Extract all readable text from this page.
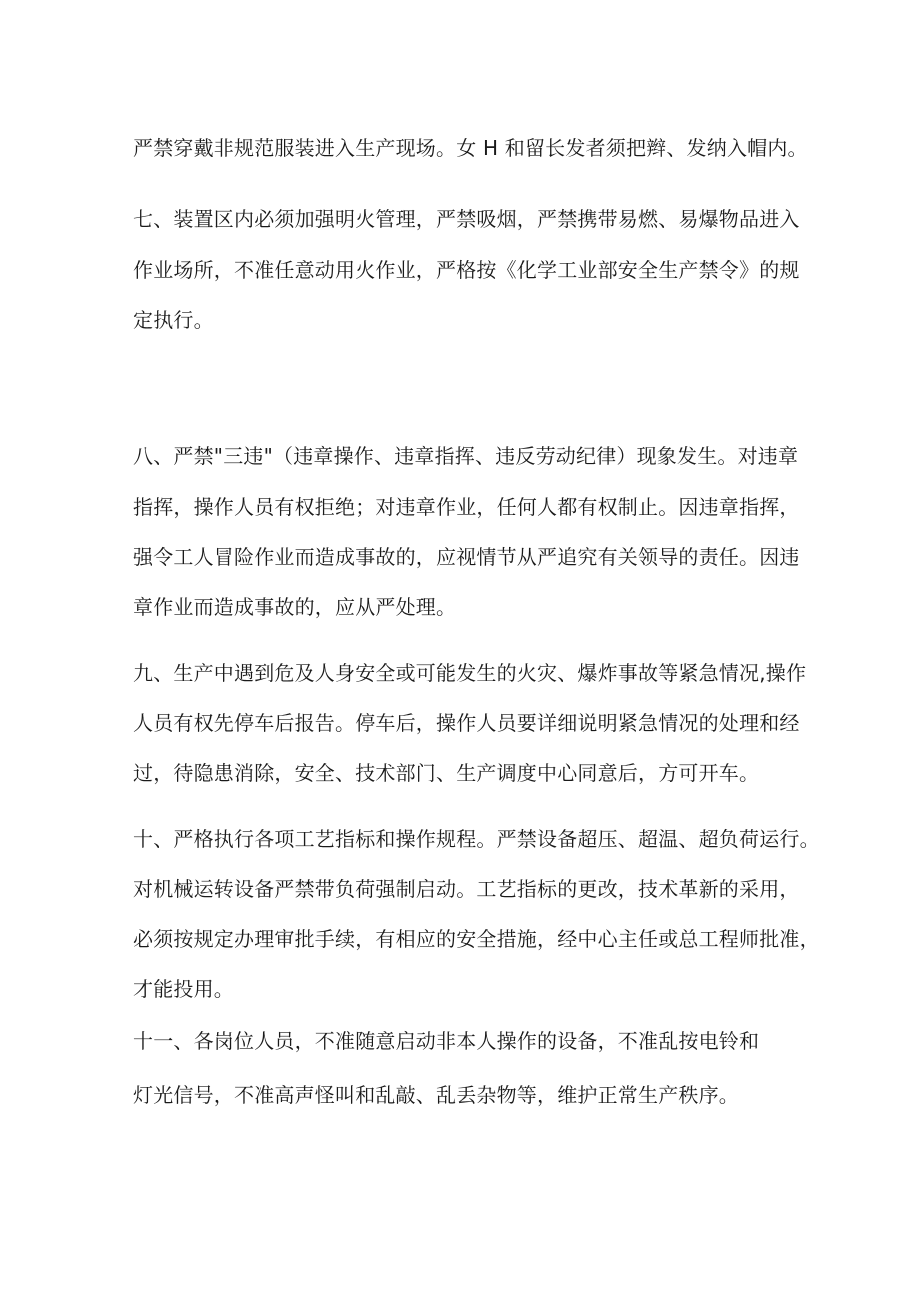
严禁穿戴非规范服装进入生产现场。女 H 和留长发者须把辫、发纳入帽内。
七、装置区内必须加强明火管理，严禁吸烟，严禁携带易燃、易爆物品进入
作业场所，不准任意动用火作业，严格按《化学工业部安全生产禁令》的规
定执行。
八、严禁"三违"（违章操作、违章指挥、违反劳动纪律）现象发生。对违章
指挥，操作人员有权拒绝；对违章作业，任何人都有权制止。因违章指挥，
强令工人冒险作业而造成事故的，应视情节从严追究有关领导的责任。因违
章作业而造成事故的，应从严处理。
九、生产中遇到危及人身安全或可能发生的火灾、爆炸事故等紧急情况,操作
人员有权先停车后报告。停车后，操作人员要详细说明紧急情况的处理和经
过，待隐患消除，安全、技术部门、生产调度中心同意后，方可开车。
十、严格执行各项工艺指标和操作规程。严禁设备超压、超温、超负荷运行。
对机械运转设备严禁带负荷强制启动。工艺指标的更改，技术革新的采用，
必须按规定办理审批手续，有相应的安全措施，经中心主任或总工程师批准，
才能投用。
十一、各岗位人员，不准随意启动非本人操作的设备，不准乱按电铃和
灯光信号，不准高声怪叫和乱敲、乱丢杂物等，维护正常生产秩序。
